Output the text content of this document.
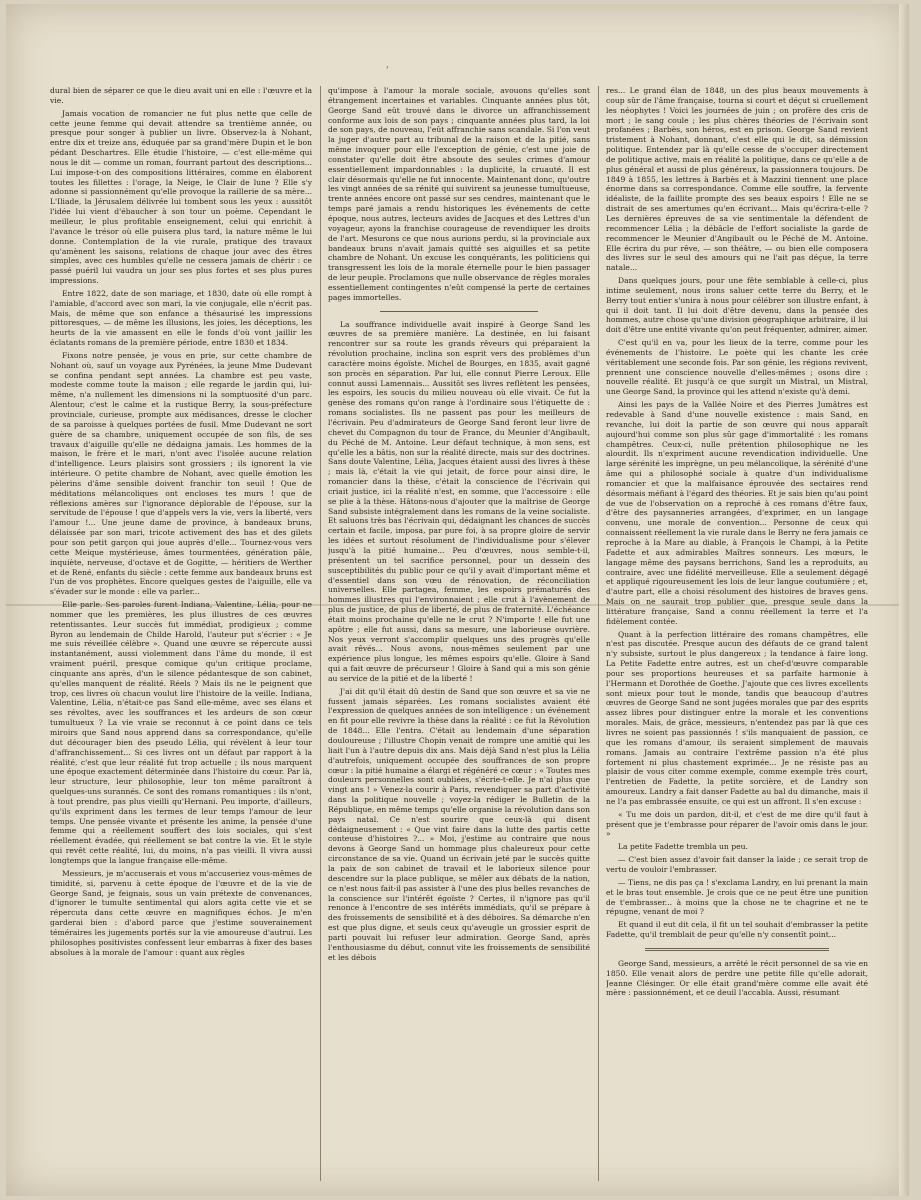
'

dural bien de séparer ce que le dieu avait uni en elle : l'œuvre et la vie.

Jamais vocation de romancier ne fut plus nette que celle de cette jeune femme qui devait attendre sa trentième année, ou presque pour songer à publier un livre. Observez-la à Nohant, entre dix et treize ans, éduquée par sa grand'mère Dupin et le bon pédant Deschartres. Elle étudie l'histoire, — c'est elle-même qui nous le dit — comme un roman, fourrant partout des descriptions... Lui impose-t-on des compositions littéraires, comme en élaborent toutes les fillettes : l'orage, la Neige, le Clair de lune ? Elle s'y adonne si passionnément qu'elle provoque la raillerie de sa mère... L'Iliade, la Jérusalem délivrée lui tombent sous les yeux : aussitôt l'idée lui vient d'ébaucher à son tour un poème. Cependant le meilleur, le plus profitable enseignement, celui qui enrichit à l'avance le trésor où elle puisera plus tard, la nature même le lui donne. Contemplation de la vie rurale, pratique des travaux qu'amènent les saisons, relations de chaque jour avec des êtres simples, avec ces humbles qu'elle ne cessera jamais de chérir : ce passé puéril lui vaudra un jour ses plus fortes et ses plus pures impressions.

Entre 1822, date de son mariage, et 1830, date où elle rompt à l'amiable, d'accord avec son mari, la vie conjugale, elle n'écrit pas. Mais, de même que son enfance a thésaurisé les impressions pittoresques, — de même les illusions, les joies, les déceptions, les heurts de la vie amassent en elle le fonds d'où vont jaillir les éclatants romans de la première période, entre 1830 et 1834.

Fixons notre pensée, je vous en prie, sur cette chambre de Nohant où, sauf un voyage aux Pyrénées, la jeune Mme Dudevant se confina pendant sept années. La chambre est peu vaste, modeste comme toute la maison ; elle regarde le jardin qui, lui-même, n'a nullement les dimensions ni la somptuosité d'un parc. Alentour, c'est le calme et la rustique Berry, la sous-préfecture provinciale, curieuse, prompte aux médisances, dresse le clocher de sa paroisse à quelques portées de fusil. Mme Dudevant ne sort guère de sa chambre, uniquement occupée de son fils, de ses travaux d'aiguille qu'elle ne dédaigna jamais. Les hommes de la maison, le frère et le mari, n'ont avec l'isolée aucune relation d'intelligence. Leurs plaisirs sont grossiers ; ils ignorent la vie intérieure. O petite chambre de Nohant, avec quelle émotion les pèlerins d'âme sensible doivent franchir ton seuil ! Que de méditations mélancoliques ont encloses tes murs ! que de réflexions amères sur l'ignorance déplorable de l'épouse, sur la servitude de l'épouse ! que d'appels vers la vie, vers la liberté, vers l'amour !... Une jeune dame de province, à bandeaux bruns, délaissée par son mari, tricote activement des bas et des gilets pour son petit garçon qui joue auprès d'elle... Tournez-vous vers cette Meique mystérieuse, âmes tourmentées, génération pâle, inquiète, nerveuse, d'octave et de Gogitte, — héritiers de Werther et de René, enfants du siècle : cette femme aux bandeaux bruns est l'un de vos prophètes. Encore quelques gestes de l'aiguille, elle va s'évader sur le monde : elle va parler...

Elle parle. Ses paroles furent Indiana, Valentine, Lélia, pour ne nommer que les premières, les plus illustres de ces œuvres retentissantes. Leur succès fut immédiat, prodigieux ; comme Byron au lendemain de Childe Harold, l'auteur put s'écrier : « Je me suis réveillée célèbre ». Quand une œuvre se répercute aussi instantanément, aussi violemment dans l'âme du monde, il est vraiment puéril, presque comique qu'un critique proclame, cinquante ans après, d'un le silence pédantesque de son cabinet, qu'elles manquent de réalité. Réels ? Mais ils ne le peignent que trop, ces livres où chacun voulut lire l'histoire de la veille. Indiana, Valentine, Lélia, n'était-ce pas Sand elle-même, avec ses élans et ses révoltes, avec les souffrances et les ardeurs de son cœur tumultueux ? La vie vraie se reconnut à ce point dans ce tels miroirs que Sand nous apprend dans sa correspondance, qu'elle dut décourager bien des pseudo Lélia, qui révèlent à leur tour d'affranchissement... Si ces livres ont un défaut par rapport à la réalité, c'est que leur réalité fut trop actuelle ; ils nous marquent une époque exactement déterminée dans l'histoire du cœur. Par là, leur structure, leur philosophie, leur ton même paraîtront à quelques-uns surannés. Ce sont des romans romantiques : ils n'ont, à tout prendre, pas plus vieilli qu'Hernani. Peu importe, d'ailleurs, qu'ils expriment dans les termes de leur temps l'amour de leur temps. Une pensée vivante et présente les anime, la pensée d'une femme qui a réellement souffert des lois sociales, qui s'est réellement évadée, qui réellement se bat contre la vie. Et le style qui revêt cette réalité, lui, du moins, n'a pas vieilli. Il vivra aussi longtemps que la langue française elle-même.

Messieurs, je m'accuserais et vous m'accuseriez vous-mêmes de timidité, si, parvenu à cette époque de l'œuvre et de la vie de George Sand, je feignais, sous un vain prétexte de convenances, d'ignorer le tumulte sentimental qui alors agita cette vie et se répercuta dans cette œuvre en magnifiques échos. Je m'en garderai bien : d'abord parce que j'estime souverainement téméraires les jugements portés sur la vie amoureuse d'autrui. Les philosophes positivistes confessent leur embarras à fixer des bases absolues à la morale de l'amour : quant aux règles

qu'impose à l'amour la morale sociale, avouons qu'elles sont étrangement incertaines et variables. Cinquante années plus tôt, George Sand eût trouvé dans le divorce un affranchissement conforme aux lois de son pays ; cinquante années plus tard, la loi de son pays, de nouveau, l'eût affranchie sans scandale. Si l'on veut la juger d'autre part au tribunal de la raison et de la pitié, sans même invoquer pour elle l'exception de génie, c'est une joie de constater qu'elle doit être absoute des seules crimes d'amour essentiellement impardonnables : la duplicité, la cruauté. Il est clair désormais qu'elle ne fut innocente. Maintenant donc, qu'outre les vingt années de sa rénité qui suivirent sa jeunesse tumultueuse, trente années encore ont passé sur ses cendres, maintenant que le temps paré jamais a rendu historiques les événements de cette époque, nous autres, lecteurs avides de Jacques et des Lettres d'un voyageur, ayons la franchise courageuse de revendiquer les droits de l'art. Mesurons ce que nous aurions perdu, si la provinciale aux bandeaux bruns n'avait jamais quitté ses aiguilles et sa petite chambre de Nohant. Un excuse les conquérants, les politiciens qui transgressent les lois de la morale éternelle pour le bien passager de leur peuple. Proclamons que nulle observance de règles morales essentiellement contingentes n'eût compensé la perte de certaines pages immortelles.

La souffrance individuelle avait inspiré à George Sand les œuvres de sa première manière. La destinée, en lui faisant rencontrer sur sa route les grands rêveurs qui préparaient la révolution prochaine, inclina son esprit vers des problèmes d'un caractère moins égoïste. Michel de Bourges, en 1835, avait gagné son procès en séparation. Par lui, elle connut Pierre Leroux. Elle connut aussi Lamennais... Aussitôt ses livres reflètent les pensées, les espoirs, les soucis du milieu nouveau où elle vivait. Ce fut la genèse des romans qu'on range à l'ordinaire sous l'étiquette de : romans socialistes. Ils ne passent pas pour les meilleurs de l'écrivain. Peu d'admirateurs de George Sand feront leur livre de chevet du Compagnon du tour de France, du Meunier d'Angibault, du Péché de M. Antoine. Leur défaut technique, à mon sens, est qu'elle les a bâtis, non sur la réalité directe, mais sur des doctrines. Sans doute Valentine, Lélia, Jacques étaient aussi des livres à thèse ; mais là, c'était la vie qui jetait, de force pour ainsi dire, le romancier dans la thèse, c'était la conscience de l'écrivain qui criait justice, ici la réalité n'est, en somme, que l'accessoire : elle se plie à la thèse. Hâtons-nous d'ajouter que la maîtrise de George Sand subsiste intégralement dans les romans de la veine socialiste. Et saluons très bas l'écrivain qui, dédaignant les chances de succès certain et facile, imposa, par pure foi, à sa propre gloire de servir les idées et surtout résolument de l'individualisme pour s'élever jusqu'à la pitié humaine... Peu d'œuvres, nous semble-t-il, présentent un tel sacrifice personnel, pour un dessein des susceptibilités du public pour ce qu'il y avait d'important même et d'essentiel dans son vœu de rénovation, de réconciliation universelles. Elle partagea, femme, les espoirs prématurés des hommes illustres qui l'environnaient ; elle crut à l'avènement de plus de justice, de plus de liberté, de plus de fraternité. L'échéance était moins prochaine qu'elle ne le crut ? N'importe ! elle fut une apôtre ; elle fut aussi, dans sa mesure, une laborieuse ouvrière. Nos yeux verront s'accomplir quelques uns des progrès qu'elle avait rêvés... Nous avons, nous-mêmes seulement par une expérience plus longue, les mêmes espoirs qu'elle. Gloire à Sand qui a fait œuvre de précurseur ! Gloire à Sand qui a mis son génie au service de la pitié et de la liberté !

J'ai dit qu'il était dû destin de Sand que son œuvre et sa vie ne fussent jamais séparées. Les romans socialistes avaient été l'expression de quelques années de son intelligence : un événement en fit pour elle revivre la thèse dans la réalité : ce fut la Révolution de 1848... Elle l'entra. C'était au lendemain d'une séparation douloureuse ; l'illustre Chopin venait de rompre une amitié qui les liait l'un à l'autre depuis dix ans. Mais déjà Sand n'est plus la Lélia d'autrefois, uniquement occupée des souffrances de son propre cœur : la pitié humaine a élargi et régénéré ce cœur : « Toutes mes douleurs personnelles sont oubliées, s'écrie-t-elle. Je n'ai plus que vingt ans ! » Venez-la courir à Paris, revendiquer sa part d'activité dans la politique nouvelle ; voyez-la rédiger le Bulletin de la République, en même temps qu'elle organise la révolution dans son pays natal. Ce n'est sourire que ceux-là qui disent dédaigneusement : « Que vint faire dans la lutte des partis cette conteuse d'histoires ?... » Moi, j'estime au contraire que nous devons à George Sand un hommage plus chaleureux pour cette circonstance de sa vie. Quand un écrivain jeté par le succès quitte la paix de son cabinet de travail et le laborieux silence pour descendre sur la place publique, se mêler aux débats de la nation, ce n'est nous fait-il pas assister à l'une des plus belles revanches de la conscience sur l'intérêt égoïste ? Certes, il n'ignore pas qu'il renonce à l'encontre de ses intérêts immédiats, qu'il se prépare à des froissements de sensibilité et à des déboires. Sa démarche n'en est que plus digne, et seuls ceux qu'aveugle un grossier esprit de parti pouvait lui refuser leur admiration. George Sand, après l'enthousiasme du début, connut vite les froissements de sensibilité et les débois

res... Le grand élan de 1848, un des plus beaux mouvements à coup sûr de l'âme française, tourna si court et déçut si cruellement les néophytes ! Voici les journées de juin ; on profère des cris de mort ; le sang coule ; les plus chères théories de l'écrivain sont profanées ; Barbès, son héros, est en prison. George Sand revient tristement à Nohant, donnant, c'est elle qui le dit, sa démission politique. Entendez par là qu'elle cesse de s'occuper directement de politique active, mais en réalité la politique, dans ce qu'elle a de plus général et aussi de plus généreux, la passionnera toujours. De 1849 à 1855, les lettres à Barbès et à Mazzini tiennent une place énorme dans sa correspondance. Comme elle souffre, la fervente idéaliste, de la faillite prompte des ses beaux espoirs ! Elle ne se distrait de ses amertumes qu'en écrivant... Mais qu'écrira-t-elle ? Les dernières épreuves de sa vie sentimentale la défendent de recommencer Lélia ; la débâcle de l'effort socialiste la garde de recommencer le Meunier d'Angibault ou le Péché de M. Antoine. Elle écrira du pur rêve, — son théâtre, — ou bien elle composera des livres sur le seul des amours qui ne l'ait pas déçue, la terre natale...

Dans quelques jours, pour une fête semblable à celle-ci, plus intime seulement, nous irons saluer cette terre du Berry, et le Berry tout entier s'unira à nous pour célébrer son illustre enfant, à qui il doit tant. Il lui doit d'être devenu, dans la pensée des hommes, autre chose qu'une division géographique arbitraire, il lui doit d'être une entité vivante qu'on peut fréquenter, admirer, aimer.

C'est qu'il en va, pour les lieux de la terre, comme pour les événements de l'histoire. Le poète qui les chante les crée véritablement une seconde fois. Par son génie, les régions revivent, prennent une conscience nouvelle d'elles-mêmes ; osons dire : nouvelle réalité. Et jusqu'à ce que surgît un Mistral, un Mistral, une George Sand, la province qui les attend n'existe qu'à demi.

Ainsi les pays de la Vallée Noire et des Pierres Jumâtres est redevable à Sand d'une nouvelle existence : mais Sand, en revanche, lui doit la partie de son œuvre qui nous apparaît aujourd'hui comme son plus sûr gage d'immortalité : les romans champêtres. Ceux-ci, nulle prétention philosophique ne les alourdit. Ils n'expriment aucune revendication individuelle. Une large sérénité les imprègne, un peu mélancolique, la sérénité d'une âme qui a philosophé sociale à quatre d'un individualisme romancier et que la malfaisance éprouvée des sectaires rend désormais méfiant à l'égard des théories. Et je sais bien qu'au point de vue de l'observation on a reproché à ces romans d'être faux, d'être des paysanneries arrangées, d'exprimer, en un langage convenu, une morale de convention... Personne de ceux qui connaissent réellement la vie rurale dans le Berry ne fera jamais ce reproche à la Mare au diable, à François le Champi, à la Petite Fadette et aux admirables Maîtres sonneurs. Les mœurs, le langage même des paysans berrichons, Sand les a reproduits, au contraire, avec une fidélité merveilleuse. Elle a seulement dégagé et appliqué rigoureusement les lois de leur langue coutumière ; et, d'autre part, elle a choisi résolument des histoires de braves gens. Mais on ne saurait trop publier que, presque seule dans la littérature française, Sand a connu réellement la terre et l'a fidèlement contée.

Quant à la perfection littéraire des romans champêtres, elle n'est pas discutée. Presque aucun des défauts de ce grand talent n'y subsiste, surtout le plus dangereux ; la tendance à faire long. La Petite Fadette entre autres, est un chef-d'œuvre comparable pour ses proportions heureuses et sa parfaite harmonie à l'Hermann et Dorothée de Goethe. J'ajoute que ces livres excellents sont mieux pour tout le monde, tandis que beaucoup d'autres œuvres de George Sand ne sont jugées morales que par des esprits assez libres pour distinguer entre la morale et les conventions morales. Mais, de grâce, messieurs, n'entendez pas par là que ces livres ne soient pas passionnés ! s'ils manquaient de passion, ce que les romans d'amour, ils seraient simplement de mauvais romans. Jamais au contraire l'extrême passion n'a été plus fortement ni plus chastement exprimée... Je ne résiste pas au plaisir de vous citer comme exemple, comme exemple très court, l'entretien de Fadette, la petite sorcière, et de Landry son amoureux. Landry a fait danser Fadette au bal du dimanche, mais il ne l'a pas embrassée ensuite, ce qui est un affront. Il s'en excuse :

« Tu me dois un pardon, dit-il, et c'est de me dire qu'il faut à présent que je t'embrasse pour réparer de l'avoir omis dans le jour. »

La petite Fadette trembla un peu.

— C'est bien assez d'avoir fait danser la laide ; ce serait trop de vertu de vouloir l'embrasser.

— Tiens, ne dis pas ça ! s'exclama Landry, en lui prenant la main et le bras tout ensemble. Je crois que ce ne peut être une punition de t'embrasser... à moins que la chose ne te chagrine et ne te répugne, venant de moi ?

Et quand il eut dit cela, il fit un tel souhait d'embrasser la petite Fadette, qu'il tremblait de peur qu'elle n'y consentît point...

George Sand, messieurs, a arrêté le récit personnel de sa vie en 1850. Elle venait alors de perdre une petite fille qu'elle adorait, Jeanne Clésinger. Or elle était grand'mère comme elle avait été mère : passionnément, et ce deuil l'accabla. Aussi, résumant
